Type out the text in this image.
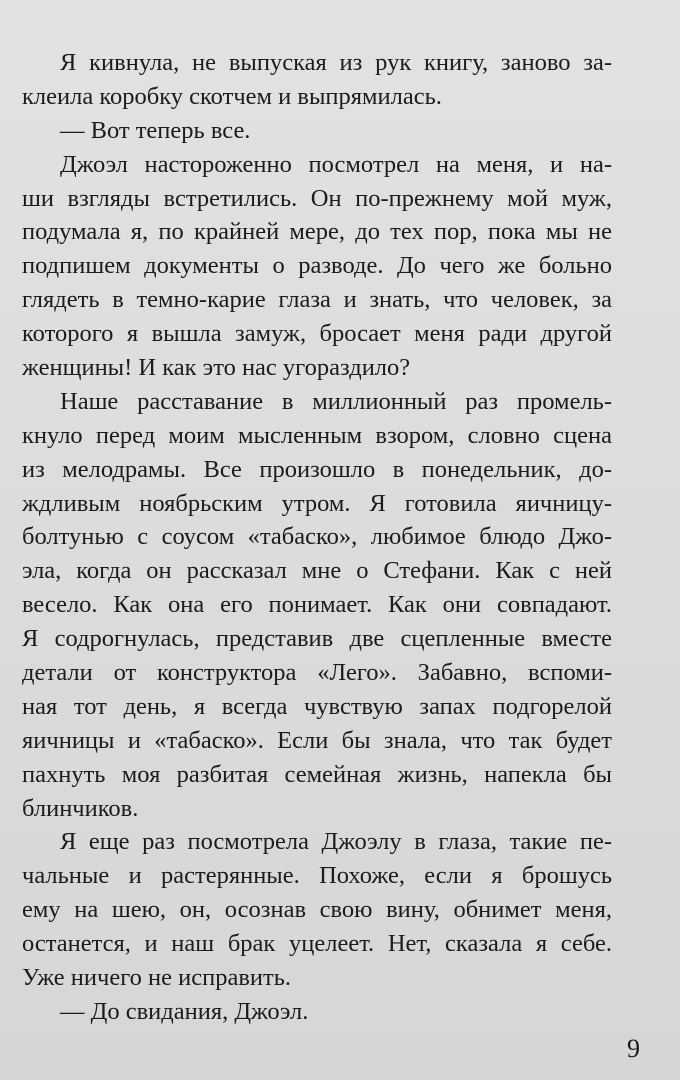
Я кивнула, не выпуская из рук книгу, заново за-
клеила коробку скотчем и выпрямилась.
— Вот теперь все.
Джоэл настороженно посмотрел на меня, и на-
ши взгляды встретились. Он по-прежнему мой муж,
подумала я, по крайней мере, до тех пор, пока мы не
подпишем документы о разводе. До чего же больно
глядеть в темно-карие глаза и знать, что человек, за
которого я вышла замуж, бросает меня ради другой
женщины! И как это нас угораздило?
Наше расставание в миллионный раз промель-
кнуло перед моим мысленным взором, словно сцена
из мелодрамы. Все произошло в понедельник, до-
ждливым ноябрьским утром. Я готовила яичницу-
болтунью с соусом «табаско», любимое блюдо Джо-
эла, когда он рассказал мне о Стефани. Как с ней
весело. Как она его понимает. Как они совпадают.
Я содрогнулась, представив две сцепленные вместе
детали от конструктора «Лего». Забавно, вспоми-
ная тот день, я всегда чувствую запах подгорелой
яичницы и «табаско». Если бы знала, что так будет
пахнуть моя разбитая семейная жизнь, напекла бы
блинчиков.
Я еще раз посмотрела Джоэлу в глаза, такие пе-
чальные и растерянные. Похоже, если я брошусь
ему на шею, он, осознав свою вину, обнимет меня,
останется, и наш брак уцелеет. Нет, сказала я себе.
Уже ничего не исправить.
— До свидания, Джоэл.
9
